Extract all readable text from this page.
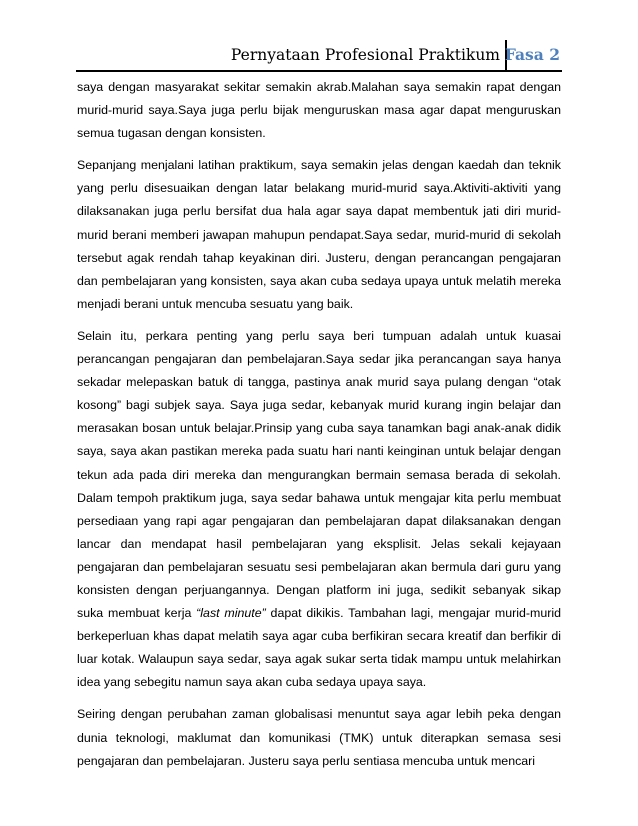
Pernyataan Profesional Praktikum Fasa 2

saya dengan masyarakat sekitar semakin akrab.Malahan saya semakin rapat dengan murid-murid saya.Saya juga perlu bijak menguruskan masa agar dapat menguruskan semua tugasan dengan konsisten.

Sepanjang menjalani latihan praktikum, saya semakin jelas dengan kaedah dan teknik yang perlu disesuaikan dengan latar belakang murid-murid saya.Aktiviti-aktiviti yang dilaksanakan juga perlu bersifat dua hala agar saya dapat membentuk jati diri murid-murid berani memberi jawapan mahupun pendapat.Saya sedar, murid-murid di sekolah tersebut agak rendah tahap keyakinan diri. Justeru, dengan perancangan pengajaran dan pembelajaran yang konsisten, saya akan cuba sedaya upaya untuk melatih mereka menjadi berani untuk mencuba sesuatu yang baik.

Selain itu, perkara penting yang perlu saya beri tumpuan adalah untuk kuasai perancangan pengajaran dan pembelajaran.Saya sedar jika perancangan saya hanya sekadar melepaskan batuk di tangga, pastinya anak murid saya pulang dengan “otak kosong” bagi subjek saya. Saya juga sedar, kebanyak murid kurang ingin belajar dan merasakan bosan untuk belajar.Prinsip yang cuba saya tanamkan bagi anak-anak didik saya, saya akan pastikan mereka pada suatu hari nanti keinginan untuk belajar dengan tekun ada pada diri mereka dan mengurangkan bermain semasa berada di sekolah. Dalam tempoh praktikum juga, saya sedar bahawa untuk mengajar kita perlu membuat persediaan yang rapi agar pengajaran dan pembelajaran dapat dilaksanakan dengan lancar dan mendapat hasil pembelajaran yang eksplisit. Jelas sekali kejayaan pengajaran dan pembelajaran sesuatu sesi pembelajaran akan bermula dari guru yang konsisten dengan perjuangannya. Dengan platform ini juga, sedikit sebanyak sikap suka membuat kerja “last minute” dapat dikikis. Tambahan lagi, mengajar murid-murid berkeperluan khas dapat melatih saya agar cuba berfikiran secara kreatif dan berfikir di luar kotak. Walaupun saya sedar, saya agak sukar serta tidak mampu untuk melahirkan idea yang sebegitu namun saya akan cuba sedaya upaya saya.

Seiring dengan perubahan zaman globalisasi menuntut saya agar lebih peka dengan dunia teknologi, maklumat dan komunikasi (TMK) untuk diterapkan semasa sesi pengajaran dan pembelajaran. Justeru saya perlu sentiasa mencuba untuk mencari
